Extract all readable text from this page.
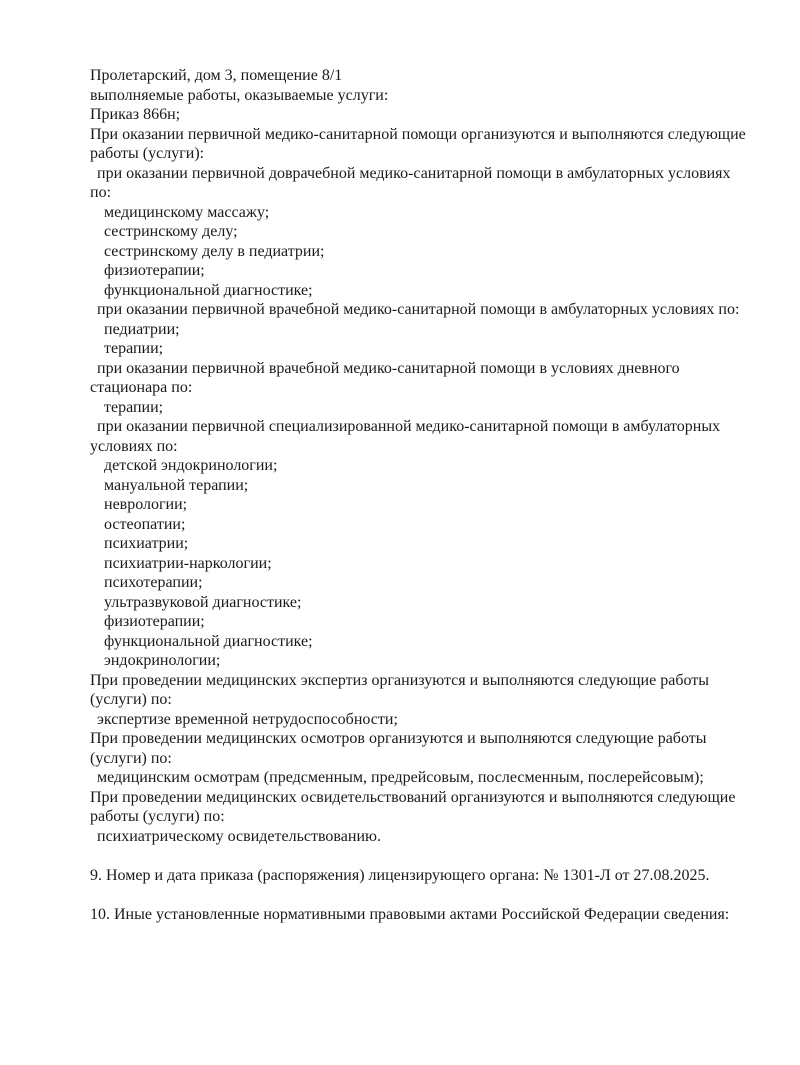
Пролетарский, дом 3, помещение 8/1
выполняемые работы, оказываемые услуги:
Приказ 866н;
При оказании первичной медико-санитарной помощи организуются и выполняются следующие
работы (услуги):
при оказании первичной доврачебной медико-санитарной помощи в амбулаторных условиях
по:
медицинскому массажу;
сестринскому делу;
сестринскому делу в педиатрии;
физиотерапии;
функциональной диагностике;
при оказании первичной врачебной медико-санитарной помощи в амбулаторных условиях по:
педиатрии;
терапии;
при оказании первичной врачебной медико-санитарной помощи в условиях дневного
стационара по:
терапии;
при оказании первичной специализированной медико-санитарной помощи в амбулаторных
условиях по:
детской эндокринологии;
мануальной терапии;
неврологии;
остеопатии;
психиатрии;
психиатрии-наркологии;
психотерапии;
ультразвуковой диагностике;
физиотерапии;
функциональной диагностике;
эндокринологии;
При проведении медицинских экспертиз организуются и выполняются следующие работы
(услуги) по:
экспертизе временной нетрудоспособности;
При проведении медицинских осмотров организуются и выполняются следующие работы
(услуги) по:
медицинским осмотрам (предсменным, предрейсовым, послесменным, послерейсовым);
При проведении медицинских освидетельствований организуются и выполняются следующие
работы (услуги) по:
психиатрическому освидетельствованию.
9. Номер и дата приказа (распоряжения) лицензирующего органа: № 1301-Л от 27.08.2025.
10. Иные установленные нормативными правовыми актами Российской Федерации сведения:
